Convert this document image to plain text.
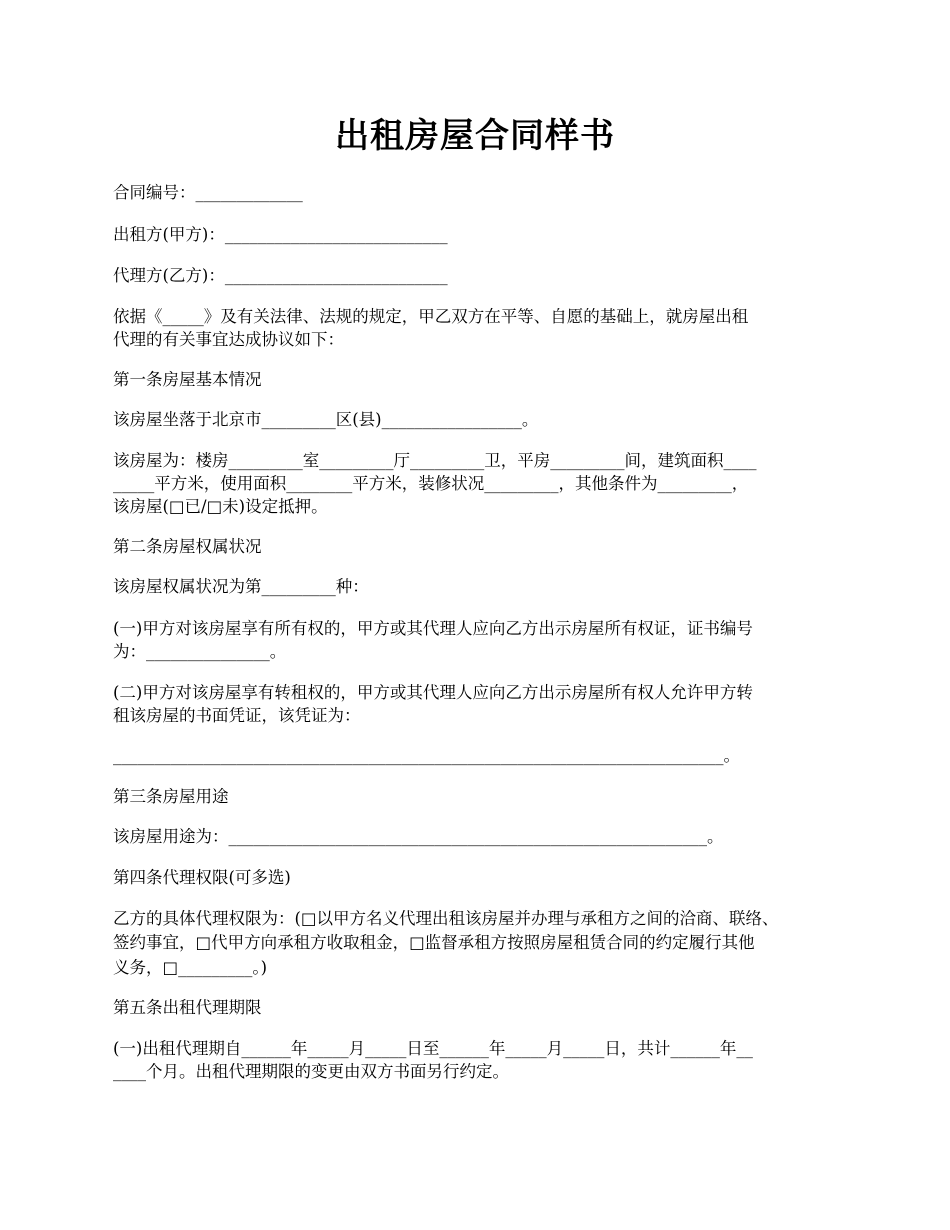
出租房屋合同样书
合同编号：_____________
出租方(甲方)：___________________________
代理方(乙方)：___________________________
依据《_____》及有关法律、法规的规定，甲乙双方在平等、自愿的基础上，就房屋出租
代理的有关事宜达成协议如下：
第一条房屋基本情况
该房屋坐落于北京市_________区(县)_________________。
该房屋为：楼房_________室_________厅_________卫，平房_________间，建筑面积____
_____平方米，使用面积________平方米，装修状况_________，其他条件为_________，
该房屋(□已/□未)设定抵押。
第二条房屋权属状况
该房屋权属状况为第_________种：
(一)甲方对该房屋享有所有权的，甲方或其代理人应向乙方出示房屋所有权证，证书编号
为：_______________。
(二)甲方对该房屋享有转租权的，甲方或其代理人应向乙方出示房屋所有权人允许甲方转
租该房屋的书面凭证，该凭证为：
__________________________________________________________________________。
第三条房屋用途
该房屋用途为：__________________________________________________________。
第四条代理权限(可多选)
乙方的具体代理权限为：(□以甲方名义代理出租该房屋并办理与承租方之间的洽商、联络、
签约事宜，□代甲方向承租方收取租金，□监督承租方按照房屋租赁合同的约定履行其他
义务，□_________。)
第五条出租代理期限
(一)出租代理期自______年_____月_____日至______年_____月_____日，共计______年__
____个月。出租代理期限的变更由双方书面另行约定。
